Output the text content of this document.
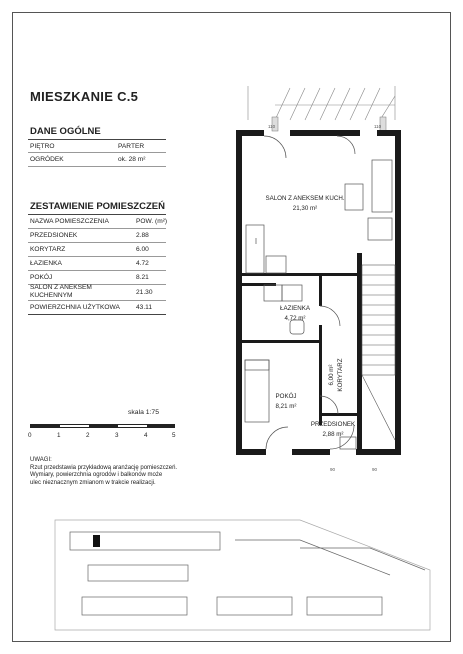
MIESZKANIE C.5
DANE OGÓLNE
PIĘTRO	PARTER
OGRÓDEK	ok. 28 m²
ZESTAWIENIE POMIESZCZEŃ
NAZWA POMIESZCZENIA	POW. (m²)
PRZEDSIONEK	2.88
KORYTARZ	6.00
ŁAZIENKA	4.72
POKÓJ	8.21
SALON Z ANEKSEM KUCHENNYM	21.30
POWIERZCHNIA UŻYTKOWA 43.11
skala 1:75
0	1	2	3	4	5
UWAGI:
Rzut przedstawia przykładową aranżację pomieszczeń.
Wymiary, powierzchnia ogrodów i balkonów może
ulec nieznacznym zmianom w trakcie realizacji.
110	110
90	90
SALON Z ANEKSEM KUCH.
21,30 m²
ŁAZIENKA
4,72 m²
POKÓJ
8,21 m²
PRZEDSIONEK
2,88 m²
KORYTARZ
6,00 m²
